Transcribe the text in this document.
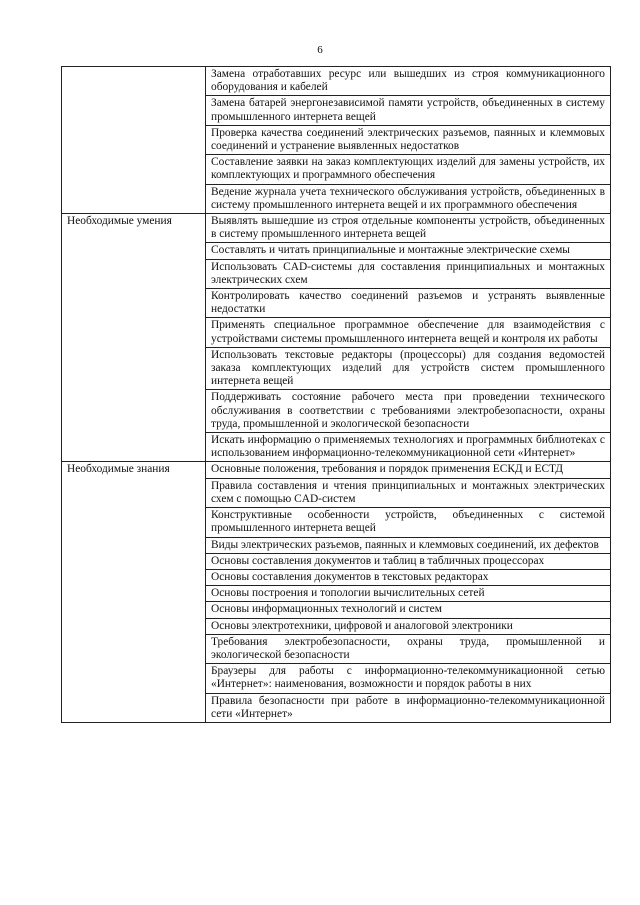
6
	Замена отработавших ресурс или вышедших из строя коммуникационного оборудования и кабелей
	Замена батарей энергонезависимой памяти устройств, объединенных в систему промышленного интернета вещей
	Проверка качества соединений электрических разъемов, паянных и клеммовых соединений и устранение выявленных недостатков
	Составление заявки на заказ комплектующих изделий для замены устройств, их комплектующих и программного обеспечения
	Ведение журнала учета технического обслуживания устройств, объединенных в систему промышленного интернета вещей и их программного обеспечения
Необходимые умения	Выявлять вышедшие из строя отдельные компоненты устройств, объединенных в систему промышленного интернета вещей
	Составлять и читать принципиальные и монтажные электрические схемы
	Использовать CAD-системы для составления принципиальных и монтажных электрических схем
	Контролировать качество соединений разъемов и устранять выявленные недостатки
	Применять специальное программное обеспечение для взаимодействия с устройствами системы промышленного интернета вещей и контроля их работы
	Использовать текстовые редакторы (процессоры) для создания ведомостей заказа комплектующих изделий для устройств систем промышленного интернета вещей
	Поддерживать состояние рабочего места при проведении технического обслуживания в соответствии с требованиями электробезопасности, охраны труда, промышленной и экологической безопасности
	Искать информацию о применяемых технологиях и программных библиотеках с использованием информационно-телекоммуникационной сети «Интернет»
Необходимые знания	Основные положения, требования и порядок применения ЕСКД и ЕСТД
	Правила составления и чтения принципиальных и монтажных электрических схем с помощью CAD-систем
	Конструктивные особенности устройств, объединенных с системой промышленного интернета вещей
	Виды электрических разъемов, паянных и клеммовых соединений, их дефектов
	Основы составления документов и таблиц в табличных процессорах
	Основы составления документов в текстовых редакторах
	Основы построения и топологии вычислительных сетей
	Основы информационных технологий и систем
	Основы электротехники, цифровой и аналоговой электроники
	Требования электробезопасности, охраны труда, промышленной и экологической безопасности
	Браузеры для работы с информационно-телекоммуникационной сетью «Интернет»: наименования, возможности и порядок работы в них
	Правила безопасности при работе в информационно-телекоммуникационной сети «Интернет»
